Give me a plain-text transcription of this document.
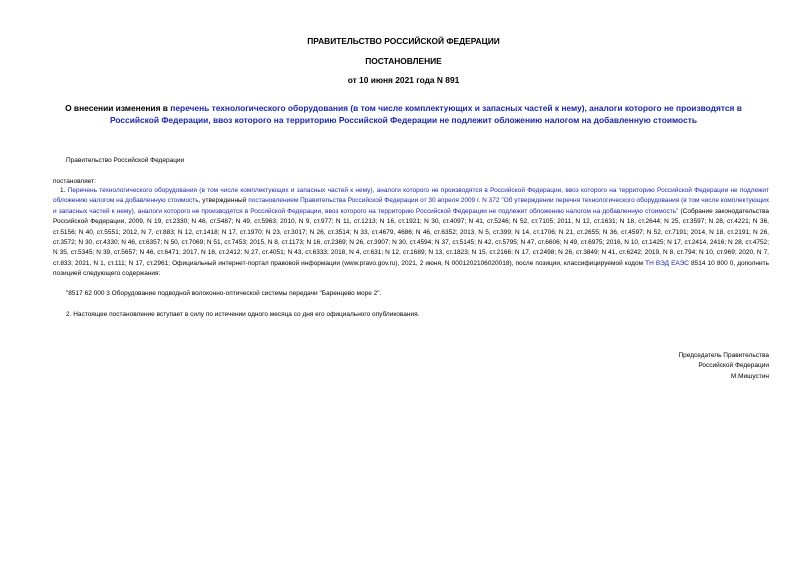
ПРАВИТЕЛЬСТВО РОССИЙСКОЙ ФЕДЕРАЦИИ

ПОСТАНОВЛЕНИЕ

от 10 июня 2021 года N 891

О внесении изменения в перечень технологического оборудования (в том числе комплектующих и запасных частей к нему), аналоги которого не производятся в Российской Федерации, ввоз которого на территорию Российской Федерации не подлежит обложению налогом на добавленную стоимость

Правительство Российской Федерации

постановляет:

1. Перечень технологического оборудования (в том числе комплектующих и запасных частей к нему), аналоги которого не производятся в Российской Федерации, ввоз которого на территорию Российской Федерации не подлежит обложению налогом на добавленную стоимость, утвержденный постановлением Правительства Российской Федерации от 30 апреля 2009 г. N 372 "Об утверждении перечня технологического оборудования (в том числе комплектующих и запасных частей к нему), аналоги которого не производятся в Российской Федерации, ввоз которого на территорию Российской Федерации не подлежит обложению налогом на добавленную стоимость" (Собрание законодательства Российской Федерации, 2009, N 19, ст.2330; N 46, ст.5487; N 49, ст.5963; 2010, N 9, ст.977; N 11, ст.1213; N 16, ст.1921; N 30, ст.4097; N 41, ст.5246; N 52, ст.7105; 2011, N 12, ст.1631; N 18, ст.2644; N 25, ст.3597; N 28, ст.4221; N 36, ст.5156; N 40, ст.5551; 2012, N 7, ст.883; N 12, ст.1418; N 17, ст.1970; N 23, ст.3017; N 26, ст.3514; N 33, ст.4679, 4686; N 46, ст.6352; 2013, N 5, ст.399; N 14, ст.1706; N 21, ст.2655; N 36, ст.4597; N 52, ст.7191; 2014, N 18, ст.2191; N 26, ст.3572; N 30, ст.4330; N 46, ст.6357; N 50, ст.7069; N 51, ст.7453; 2015, N 8, ст.1173; N 16, ст.2369; N 26, ст.3907; N 30, ст.4594; N 37, ст.5145; N 42, ст.5795; N 47, ст.6606; N 49, ст.6975; 2016, N 10, ст.1425; N 17, ст.2414, 2416; N 28, ст.4752; N 35, ст.5345; N 39, ст.5657; N 46, ст.6471; 2017, N 16, ст.2412; N 27, ст.4051; N 43, ст.6333; 2018, N 4, ст.631; N 12, ст.1689; N 13, ст.1823; N 15, ст.2166; N 17, ст.2498; N 26, ст.3849; N 41, ст.6242; 2019, N 8, ст.794; N 10, ст.969; 2020, N 7, ст.833; 2021, N 1, ст.111; N 17, ст.2961; Официальный интернет-портал правовой информации (www.pravo.gov.ru), 2021, 2 июня, N 0001202106020018), после позиции, классифицируемой кодом ТН ВЭД ЕАЭС 8514 10 800 0, дополнить позицией следующего содержания:

"8517 62 000 3 Оборудование подводной волоконно-оптической системы передачи "Баренцево море 2".

2. Настоящее постановление вступает в силу по истечении одного месяца со дня его официального опубликования.

Председатель Правительства
Российской Федерации
М.Мишустин
